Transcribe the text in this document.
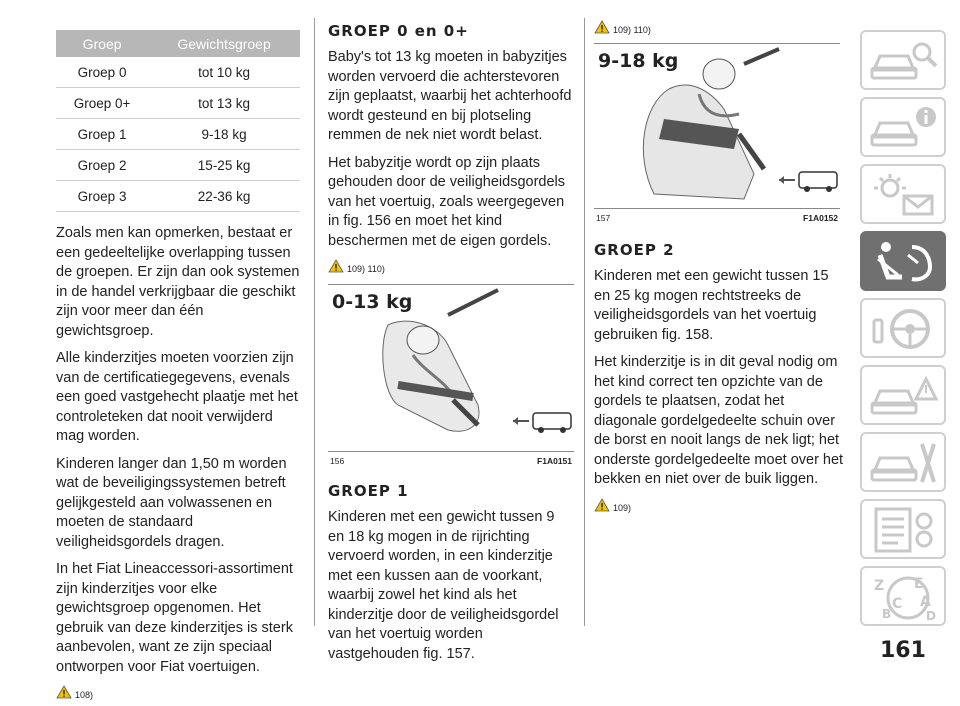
Groep	Gewichtsgroep
Groep 0	tot 10 kg
Groep 0+	tot 13 kg
Groep 1	9-18 kg
Groep 2	15-25 kg
Groep 3	22-36 kg

Zoals men kan opmerken, bestaat er een gedeeltelijke overlapping tussen de groepen. Er zijn dan ook systemen in de handel verkrijgbaar die geschikt zijn voor meer dan één gewichtsgroep.

Alle kinderzitjes moeten voorzien zijn van de certificatiegegevens, evenals een goed vastgehecht plaatje met het controleteken dat nooit verwijderd mag worden.

Kinderen langer dan 1,50 m worden wat de beveiligingssystemen betreft gelijkgesteld aan volwassenen en moeten de standaard veiligheidsgordels dragen.

In het Fiat Lineaccessori-assortiment zijn kinderzitjes voor elke gewichtsgroep opgenomen. Het gebruik van deze kinderzitjes is sterk aanbevolen, want ze zijn speciaal ontworpen voor Fiat voertuigen.

108)
GROEP 0 en 0+

Baby's tot 13 kg moeten in babyzitjes worden vervoerd die achterstevoren zijn geplaatst, waarbij het achterhoofd wordt gesteund en bij plotseling remmen de nek niet wordt belast.

Het babyzitje wordt op zijn plaats gehouden door de veiligheidsgordels van het voertuig, zoals weergegeven in fig. 156 en moet het kind beschermen met de eigen gordels.

109) 110)
0-13 kg
156	F1A0151
GROEP 1

Kinderen met een gewicht tussen 9 en 18 kg mogen in de rijrichting vervoerd worden, in een kinderzitje met een kussen aan de voorkant, waarbij zowel het kind als het kinderzitje door de veiligheidsgordel van het voertuig worden vastgehouden fig. 157.

109) 110)
9-18 kg
157	F1A0152
GROEP 2

Kinderen met een gewicht tussen 15 en 25 kg mogen rechtstreeks de veiligheidsgordels van het voertuig gebruiken fig. 158.

Het kinderzitje is in dit geval nodig om het kind correct ten opzichte van de gordels te plaatsen, zodat het diagonale gordelgedeelte schuin over de borst en nooit langs de nek ligt; het onderste gordelgedeelte moet over het bekken en niet over de buik liggen.

109)
Z E
C A
B	D
161
